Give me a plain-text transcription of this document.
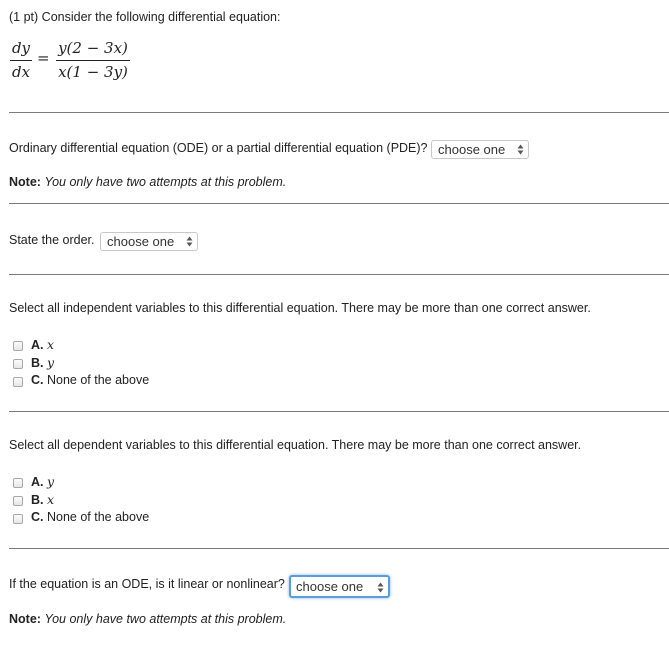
(1 pt) Consider the following differential equation:
dy
dx
=
y(2 − 3x)
x(1 − 3y)
Ordinary differential equation (ODE) or a partial differential equation (PDE)? choose one
Note: You only have two attempts at this problem.
State the order. choose one
Select all independent variables to this differential equation. There may be more than one correct answer.
A. x
B. y
C. None of the above
Select all dependent variables to this differential equation. There may be more than one correct answer.
A. y
B. x
C. None of the above
If the equation is an ODE, is it linear or nonlinear? choose one
Note: You only have two attempts at this problem.
